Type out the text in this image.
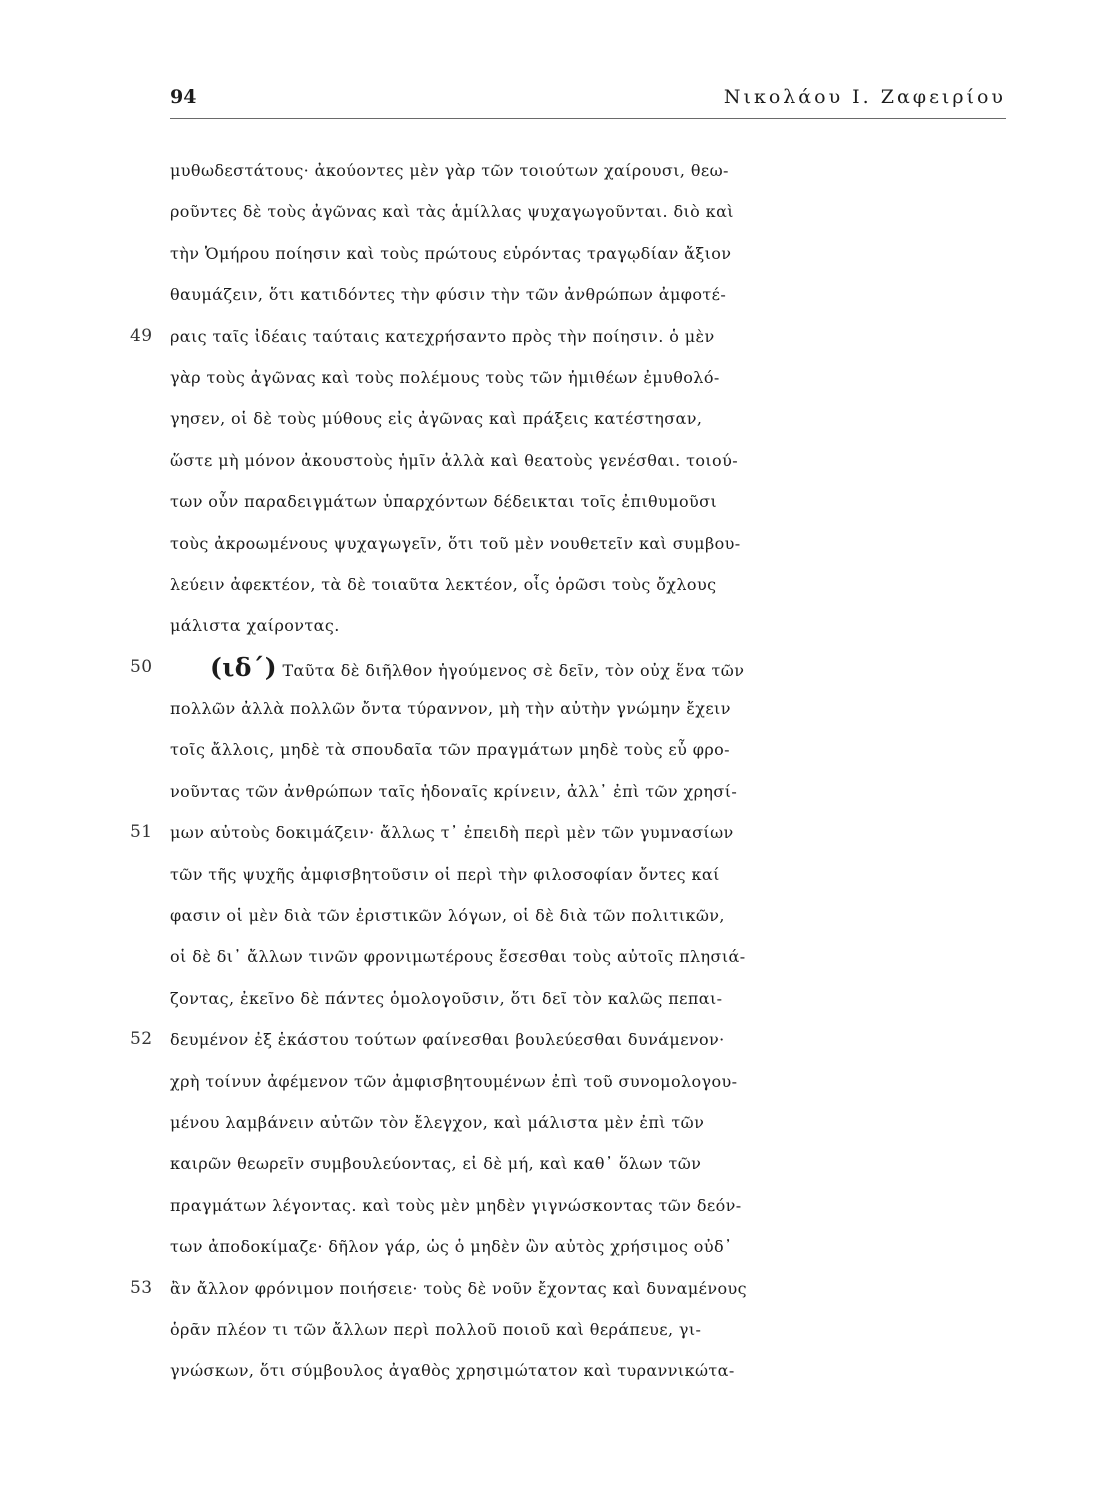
94	Νικολάου Ι. Ζαφειρίου
μυθωδεστάτους· ἀκούοντες μὲν γὰρ τῶν τοιούτων χαίρουσι, θεω-
ροῦντες δὲ τοὺς ἀγῶνας καὶ τὰς ἁμίλλας ψυχαγωγοῦνται. διὸ καὶ
τὴν Ὁμήρου ποίησιν καὶ τοὺς πρώτους εὑρόντας τραγῳδίαν ἄξιον
θαυμάζειν, ὅτι κατιδόντες τὴν φύσιν τὴν τῶν ἀνθρώπων ἀμφοτέ-
49 ραις ταῖς ἰδέαις ταύταις κατεχρήσαντο πρὸς τὴν ποίησιν. ὁ μὲν
γὰρ τοὺς ἀγῶνας καὶ τοὺς πολέμους τοὺς τῶν ἡμιθέων ἐμυθολό-
γησεν, οἱ δὲ τοὺς μύθους εἰς ἀγῶνας καὶ πράξεις κατέστησαν,
ὥστε μὴ μόνον ἀκουστοὺς ἡμῖν ἀλλὰ καὶ θεατοὺς γενέσθαι. τοιού-
των οὖν παραδειγμάτων ὑπαρχόντων δέδεικται τοῖς ἐπιθυμοῦσι
τοὺς ἀκροωμένους ψυχαγωγεῖν, ὅτι τοῦ μὲν νουθετεῖν καὶ συμβου-
λεύειν ἀφεκτέον, τὰ δὲ τοιαῦτα λεκτέον, οἷς ὁρῶσι τοὺς ὄχλους
μάλιστα χαίροντας.
50 (ιδ΄) Ταῦτα δὲ διῆλθον ἡγούμενος σὲ δεῖν, τὸν οὐχ ἕνα τῶν
πολλῶν ἀλλὰ πολλῶν ὄντα τύραννον, μὴ τὴν αὐτὴν γνώμην ἔχειν
τοῖς ἄλλοις, μηδὲ τὰ σπουδαῖα τῶν πραγμάτων μηδὲ τοὺς εὖ φρο-
νοῦντας τῶν ἀνθρώπων ταῖς ἡδοναῖς κρίνειν, ἀλλ᾽ ἐπὶ τῶν χρησί-
51 μων αὐτοὺς δοκιμάζειν· ἄλλως τ᾽ ἐπειδὴ περὶ μὲν τῶν γυμνασίων
τῶν τῆς ψυχῆς ἀμφισβητοῦσιν οἱ περὶ τὴν φιλοσοφίαν ὄντες καί
φασιν οἱ μὲν διὰ τῶν ἐριστικῶν λόγων, οἱ δὲ διὰ τῶν πολιτικῶν,
οἱ δὲ δι᾽ ἄλλων τινῶν φρονιμωτέρους ἔσεσθαι τοὺς αὐτοῖς πλησιά-
ζοντας, ἐκεῖνο δὲ πάντες ὁμολογοῦσιν, ὅτι δεῖ τὸν καλῶς πεπαι-
52 δευμένον ἐξ ἑκάστου τούτων φαίνεσθαι βουλεύεσθαι δυνάμενον·
χρὴ τοίνυν ἀφέμενον τῶν ἀμφισβητουμένων ἐπὶ τοῦ συνομολογου-
μένου λαμβάνειν αὐτῶν τὸν ἔλεγχον, καὶ μάλιστα μὲν ἐπὶ τῶν
καιρῶν θεωρεῖν συμβουλεύοντας, εἰ δὲ μή, καὶ καθ᾽ ὅλων τῶν
πραγμάτων λέγοντας. καὶ τοὺς μὲν μηδὲν γιγνώσκοντας τῶν δεόν-
των ἀποδοκίμαζε· δῆλον γάρ, ὡς ὁ μηδὲν ὢν αὐτὸς χρήσιμος οὐδ᾽
53 ἂν ἄλλον φρόνιμον ποιήσειε· τοὺς δὲ νοῦν ἔχοντας καὶ δυναμένους
ὁρᾶν πλέον τι τῶν ἄλλων περὶ πολλοῦ ποιοῦ καὶ θεράπευε, γι-
γνώσκων, ὅτι σύμβουλος ἀγαθὸς χρησιμώτατον καὶ τυραννικώτα-
